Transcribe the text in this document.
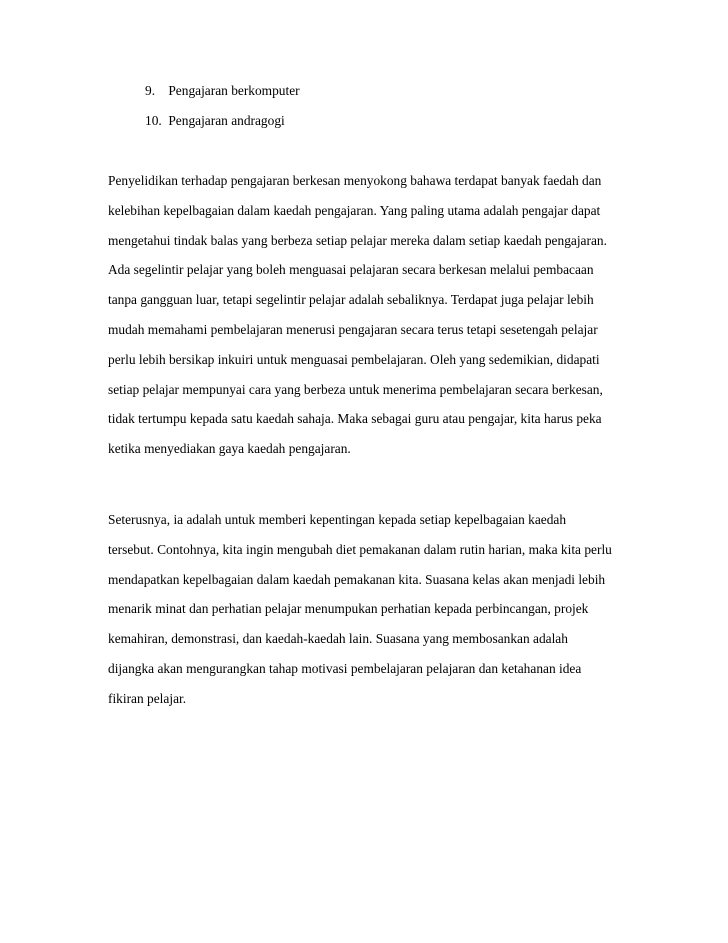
9. Pengajaran berkomputer
10. Pengajaran andragogi
Penyelidikan terhadap pengajaran berkesan menyokong bahawa terdapat banyak faedah dan
kelebihan kepelbagaian dalam kaedah pengajaran. Yang paling utama adalah pengajar dapat
mengetahui tindak balas yang berbeza setiap pelajar mereka dalam setiap kaedah pengajaran.
Ada segelintir pelajar yang boleh menguasai pelajaran secara berkesan melalui pembacaan
tanpa gangguan luar, tetapi segelintir pelajar adalah sebaliknya. Terdapat juga pelajar lebih
mudah memahami pembelajaran menerusi pengajaran secara terus tetapi sesetengah pelajar
perlu lebih bersikap inkuiri untuk menguasai pembelajaran. Oleh yang sedemikian, didapati
setiap pelajar mempunyai cara yang berbeza untuk menerima pembelajaran secara berkesan,
tidak tertumpu kepada satu kaedah sahaja. Maka sebagai guru atau pengajar, kita harus peka
ketika menyediakan gaya kaedah pengajaran.
Seterusnya, ia adalah untuk memberi kepentingan kepada setiap kepelbagaian kaedah
tersebut. Contohnya, kita ingin mengubah diet pemakanan dalam rutin harian, maka kita perlu
mendapatkan kepelbagaian dalam kaedah pemakanan kita. Suasana kelas akan menjadi lebih
menarik minat dan perhatian pelajar menumpukan perhatian kepada perbincangan, projek
kemahiran, demonstrasi, dan kaedah-kaedah lain. Suasana yang membosankan adalah
dijangka akan mengurangkan tahap motivasi pembelajaran pelajaran dan ketahanan idea
fikiran pelajar.
